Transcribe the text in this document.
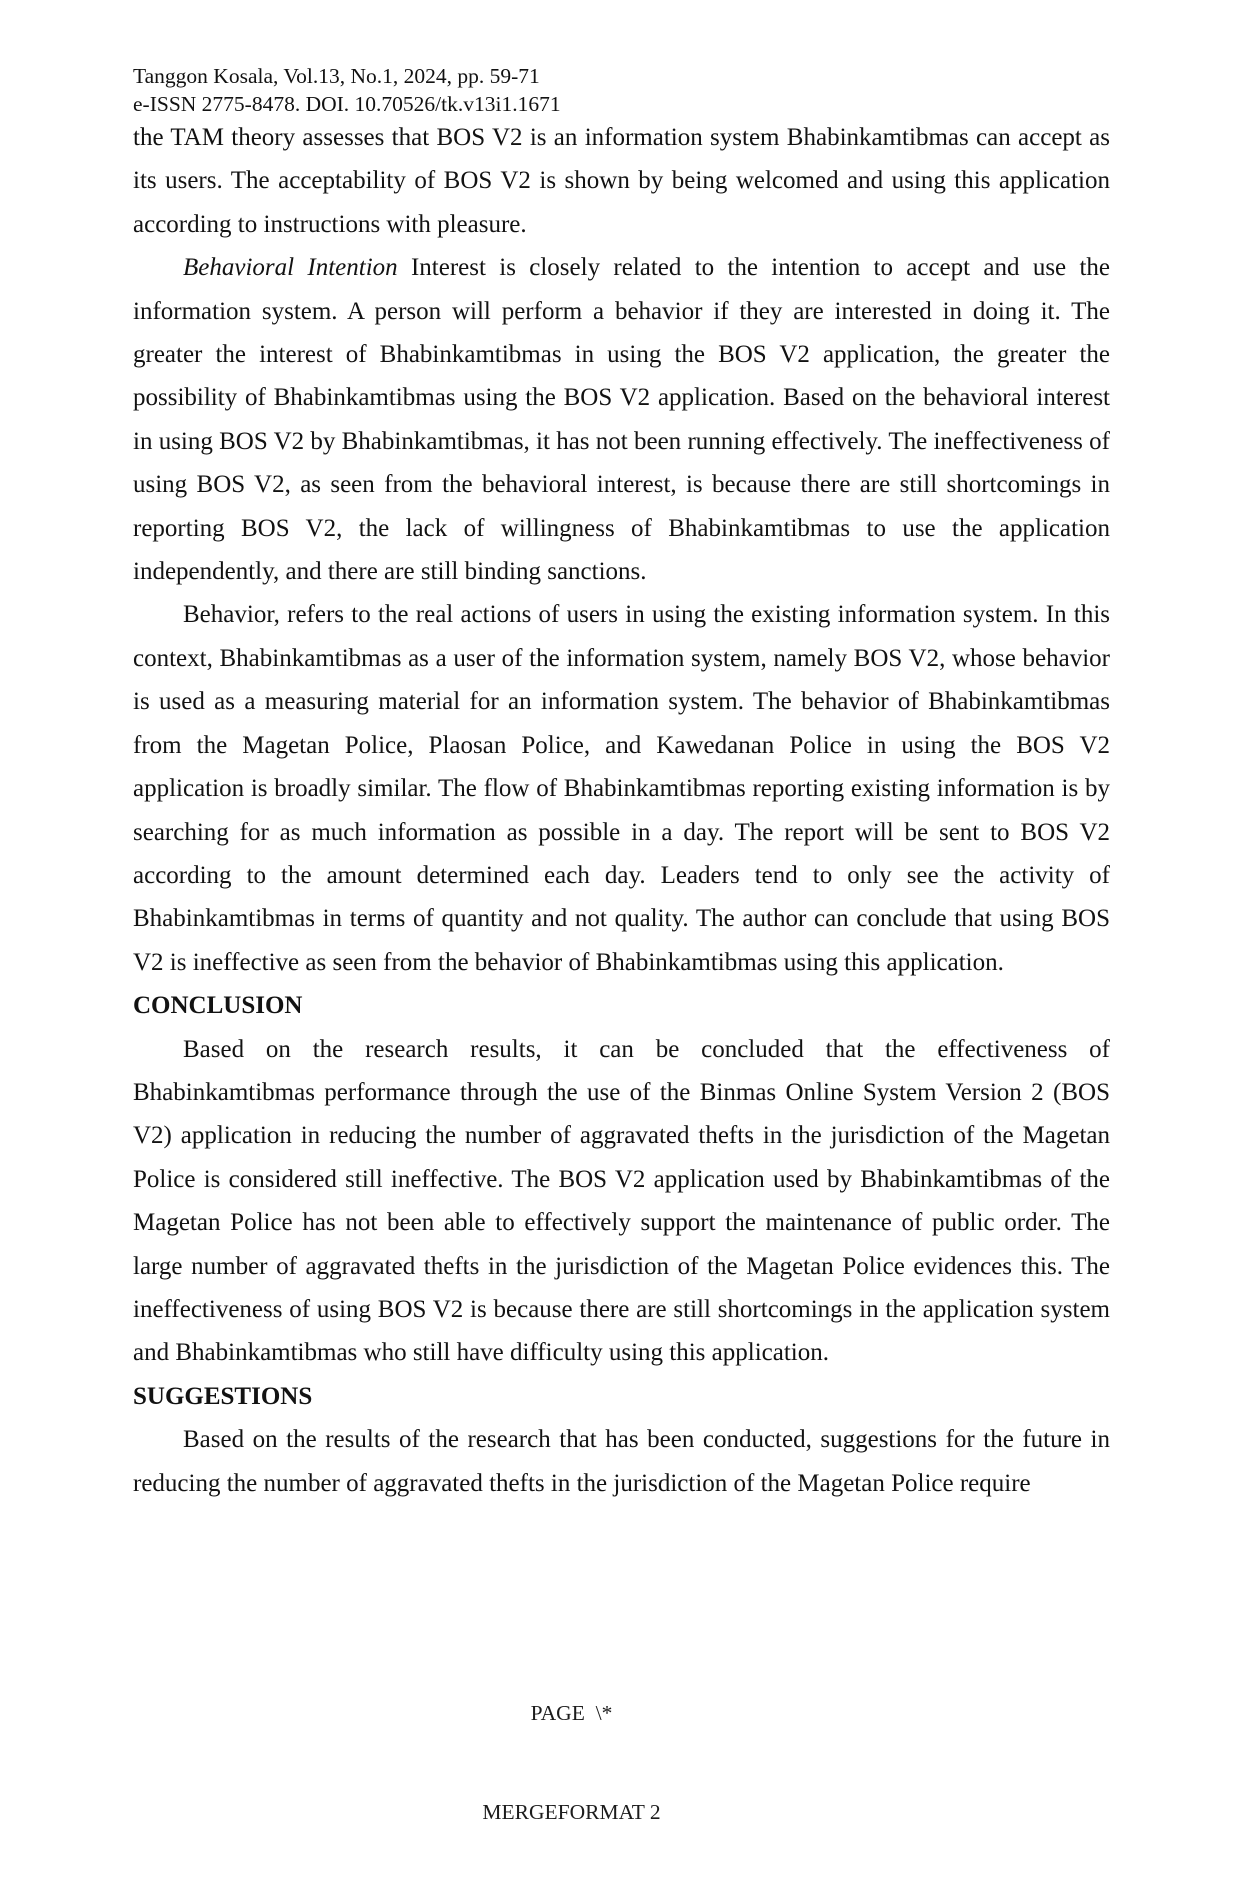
Tanggon Kosala, Vol.13, No.1, 2024, pp. 59-71
e-ISSN 2775-8478. DOI. 10.70526/tk.v13i1.1671

the TAM theory assesses that BOS V2 is an information system Bhabinkamtibmas can accept as its users. The acceptability of BOS V2 is shown by being welcomed and using this application according to instructions with pleasure.

Behavioral Intention Interest is closely related to the intention to accept and use the information system. A person will perform a behavior if they are interested in doing it. The greater the interest of Bhabinkamtibmas in using the BOS V2 application, the greater the possibility of Bhabinkamtibmas using the BOS V2 application. Based on the behavioral interest in using BOS V2 by Bhabinkamtibmas, it has not been running effectively. The ineffectiveness of using BOS V2, as seen from the behavioral interest, is because there are still shortcomings in reporting BOS V2, the lack of willingness of Bhabinkamtibmas to use the application independently, and there are still binding sanctions.

Behavior, refers to the real actions of users in using the existing information system. In this context, Bhabinkamtibmas as a user of the information system, namely BOS V2, whose behavior is used as a measuring material for an information system. The behavior of Bhabinkamtibmas from the Magetan Police, Plaosan Police, and Kawedanan Police in using the BOS V2 application is broadly similar. The flow of Bhabinkamtibmas reporting existing information is by searching for as much information as possible in a day. The report will be sent to BOS V2 according to the amount determined each day. Leaders tend to only see the activity of Bhabinkamtibmas in terms of quantity and not quality. The author can conclude that using BOS V2 is ineffective as seen from the behavior of Bhabinkamtibmas using this application.

CONCLUSION

Based on the research results, it can be concluded that the effectiveness of Bhabinkamtibmas performance through the use of the Binmas Online System Version 2 (BOS V2) application in reducing the number of aggravated thefts in the jurisdiction of the Magetan Police is considered still ineffective. The BOS V2 application used by Bhabinkamtibmas of the Magetan Police has not been able to effectively support the maintenance of public order. The large number of aggravated thefts in the jurisdiction of the Magetan Police evidences this. The ineffectiveness of using BOS V2 is because there are still shortcomings in the application system and Bhabinkamtibmas who still have difficulty using this application.

SUGGESTIONS

Based on the results of the research that has been conducted, suggestions for the future in reducing the number of aggravated thefts in the jurisdiction of the Magetan Police require

PAGE  \*

MERGEFORMAT 2
